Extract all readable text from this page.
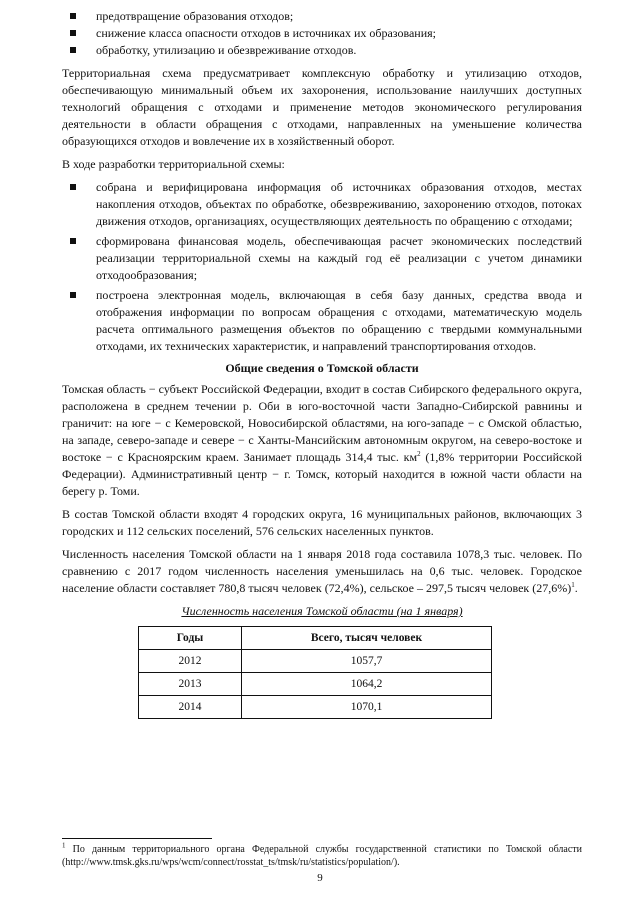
предотвращение образования отходов;
снижение класса опасности отходов в источниках их образования;
обработку, утилизацию и обезвреживание отходов.

Территориальная схема предусматривает комплексную обработку и утилизацию отходов, обеспечивающую минимальный объем их захоронения, использование наилучших доступных технологий обращения с отходами и применение методов экономического регулирования деятельности в области обращения с отходами, направленных на уменьшение количества образующихся отходов и вовлечение их в хозяйственный оборот.

В ходе разработки территориальной схемы:

собрана и верифицирована информация об источниках образования отходов, местах накопления отходов, объектах по обработке, обезвреживанию, захоронению отходов, потоках движения отходов, организациях, осуществляющих деятельность по обращению с отходами;
сформирована финансовая модель, обеспечивающая расчет экономических последствий реализации территориальной схемы на каждый год её реализации с учетом динамики отходообразования;
построена электронная модель, включающая в себя базу данных, средства ввода и отображения информации по вопросам обращения с отходами, математическую модель расчета оптимального размещения объектов по обращению с твердыми коммунальными отходами, их технических характеристик, и направлений транспортирования отходов.
Общие сведения о Томской области

Томская область − субъект Российской Федерации, входит в состав Сибирского федерального округа, расположена в среднем течении р. Оби в юго-восточной части Западно-Сибирской равнины и граничит: на юге − с Кемеровской, Новосибирской областями, на юго-западе − с Омской областью, на западе, северо-западе и севере − с Ханты-Мансийским автономным округом, на северо-востоке и востоке − с Красноярским краем. Занимает площадь 314,4 тыс. $км^2$ (1,8% территории Российской Федерации). Административный центр − г. Томск, который находится в южной части области на берегу р. Томи.

В состав Томской области входят 4 городских округа, 16 муниципальных районов, включающих 3 городских и 112 сельских поселений, 576 сельских населенных пунктов.

Численность населения Томской области на 1 января 2018 года составила 1078,3 тыс. человек. По сравнению с 2017 годом численность населения уменьшилась на 0,6 тыс. человек. Городское население области составляет 780,8 тысяч человек (72,4%), сельское – 297,5 тысяч человек $(27,6\%)^1$.

Численность населения Томской области (на 1 января)
Годы	Всего, тысяч человек
2012	1057,7
2013	1064,2
2014	1070,1
$^1$ По данным территориального органа Федеральной службы государственной статистики по Томской области (http://www.tmsk.gks.ru/wps/wcm/connect/rosstat_ts/tmsk/ru/statistics/population/).
9
